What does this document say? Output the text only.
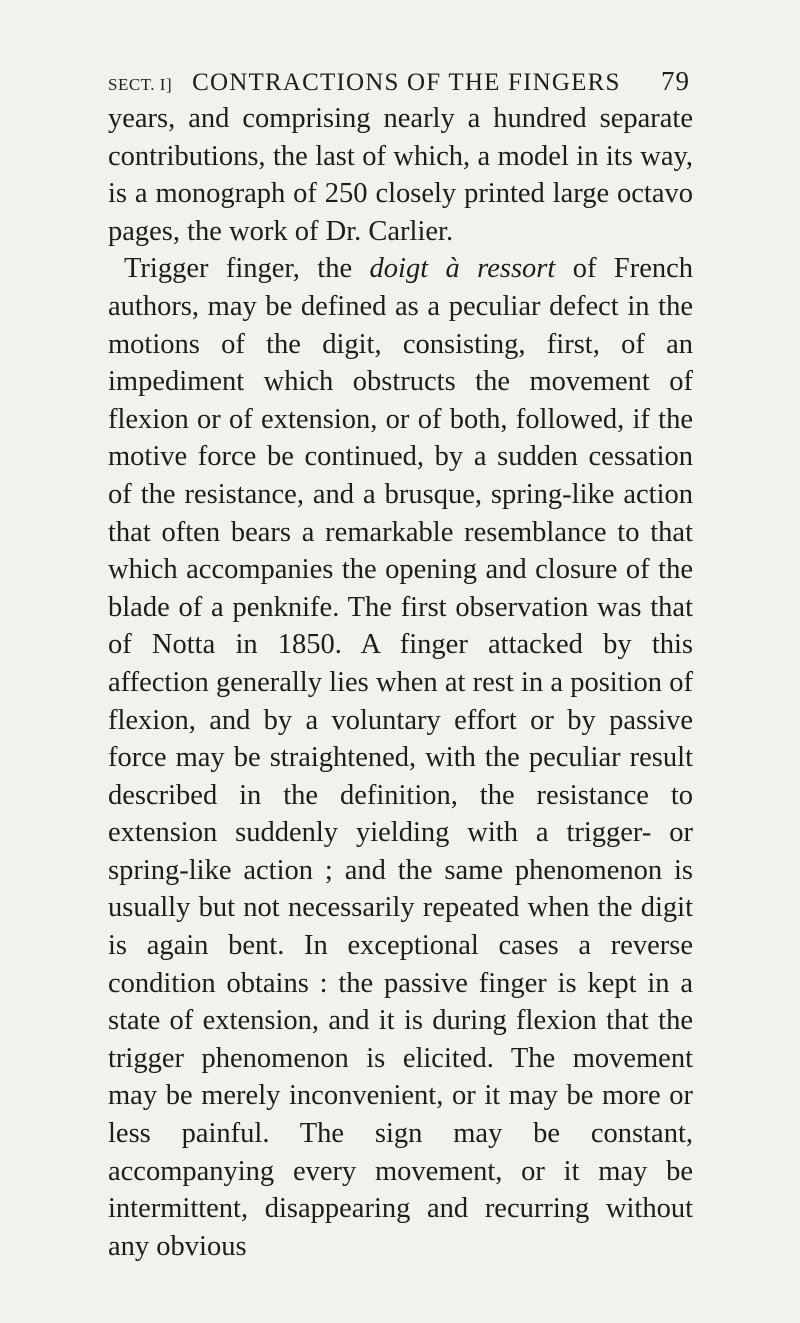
SECT. I] CONTRACTIONS OF THE FINGERS	79

years, and comprising nearly a hundred separate contributions, the last of which, a model in its way, is a monograph of 250 closely printed large octavo pages, the work of Dr. Carlier.

Trigger finger, the doigt à ressort of French authors, may be defined as a peculiar defect in the motions of the digit, consisting, first, of an impediment which obstructs the movement of flexion or of extension, or of both, followed, if the motive force be continued, by a sudden cessation of the resistance, and a brusque, spring-like action that often bears a remarkable resemblance to that which accompanies the opening and closure of the blade of a penknife. The first observation was that of Notta in 1850. A finger attacked by this affection generally lies when at rest in a position of flexion, and by a voluntary effort or by passive force may be straightened, with the peculiar result described in the definition, the resistance to extension suddenly yielding with a trigger- or spring-like action ; and the same phenomenon is usually but not necessarily repeated when the digit is again bent. In exceptional cases a reverse condition obtains : the passive finger is kept in a state of extension, and it is during flexion that the trigger phenomenon is elicited. The movement may be merely inconvenient, or it may be more or less painful. The sign may be constant, accompanying every movement, or it may be intermittent, disappearing and recurring without any obvious
